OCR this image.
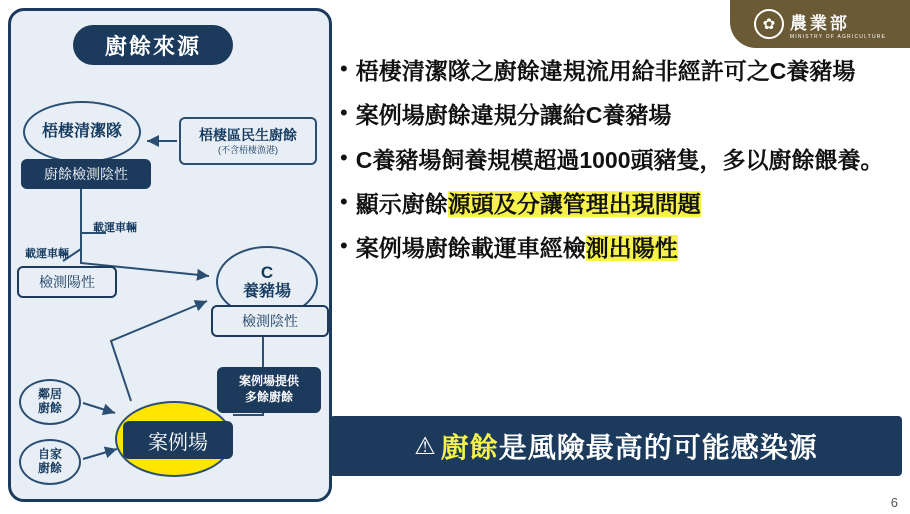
✿ 農業部
MINISTRY OF AGRICULTURE
廚餘來源
梧棲清潔隊
廚餘檢測陰性
梧棲區民生廚餘
(不含梧棲漁港)
檢測陽性	C
養豬場
檢測陰性
鄰居
廚餘
自家
廚餘
案例場
案例場提供
多餘廚餘
載運車輛
載運車輛
• 梧棲清潔隊之廚餘違規流用給非經許可之C養豬場
• 案例場廚餘違規分讓給C養豬場
• C養豬場飼養規模超過1000頭豬隻，多以廚餘餵養。
• 顯示廚餘源頭及分讓管理出現問題
• 案例場廚餘載運車經檢測出陽性
⚠ 廚餘 是風險最高的可能感染源
6
